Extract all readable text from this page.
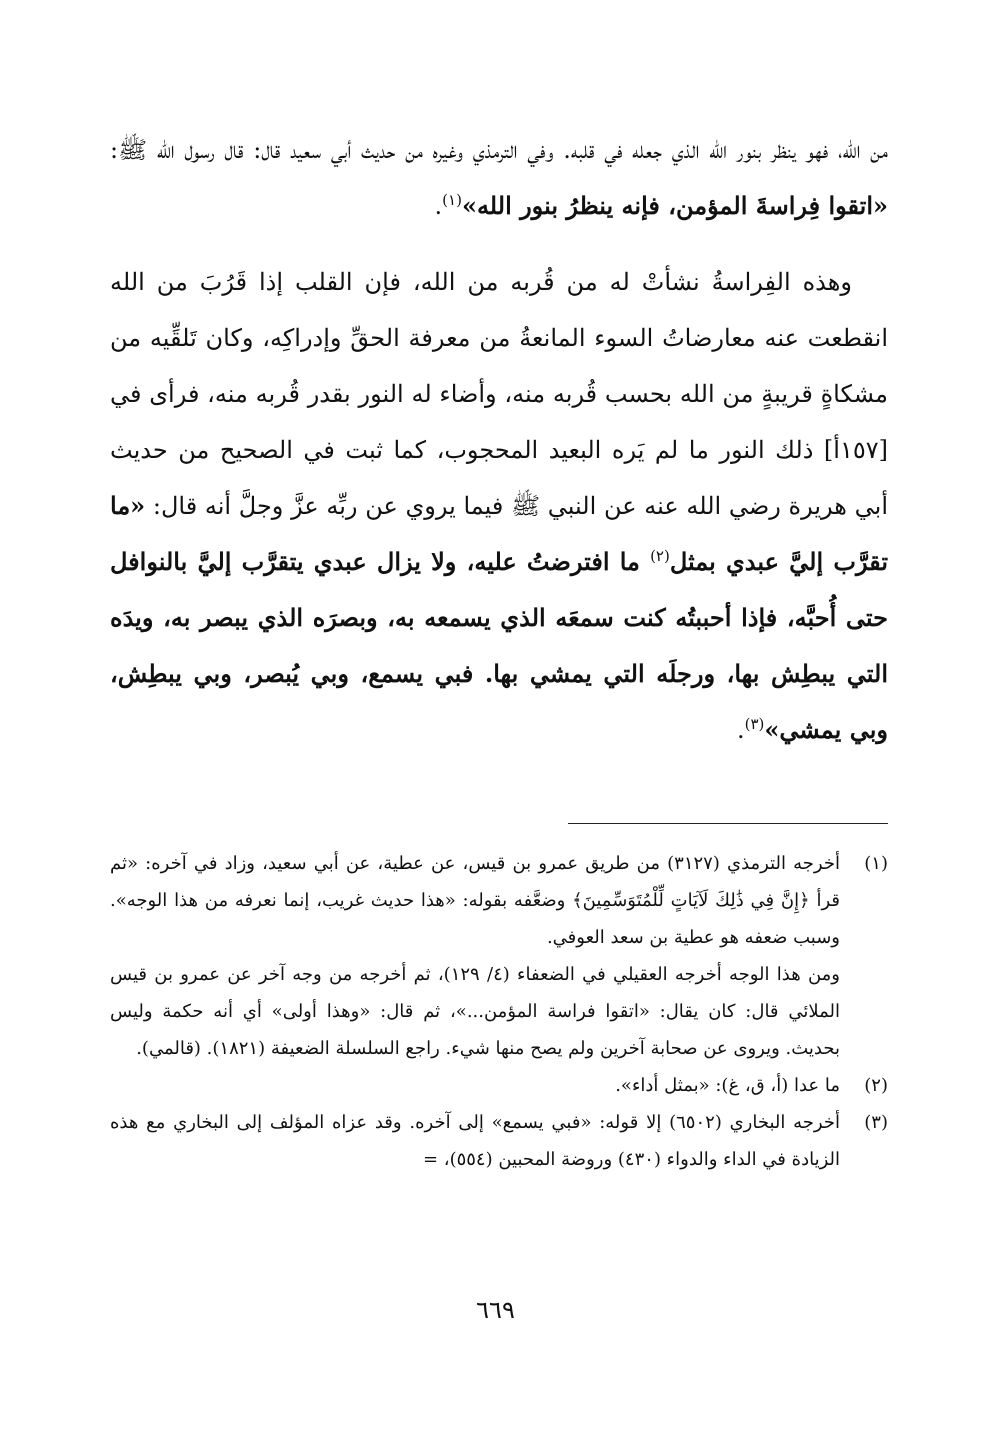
من الله، فهو ينظر بنور الله الذي جعله في قلبه. وفي الترمذي وغيره من حديث أبي سعيد قال: قال رسول الله ﷺ: «اتقوا فِراسةَ المؤمن، فإنه ينظرُ بنور الله»$^{(١)}$.

وهذه الفِراسةُ نشأتْ له من قُربه من الله، فإن القلب إذا قَرُبَ من الله انقطعت عنه معارضاتُ السوء المانعةُ من معرفة الحقِّ وإدراكِه، وكان تَلقِّيه من مشكاةٍ قريبةٍ من الله بحسب قُربه منه، وأضاء له النور بقدر قُربه منه، فرأى في [١٥٧أ] ذلك النور ما لم يَره البعيد المحجوب، كما ثبت في الصحيح من حديث أبي هريرة رضي الله عنه عن النبي ﷺ فيما يروي عن ربِّه عزَّ وجلَّ أنه قال: «ما تقرَّب إليَّ عبدي بمثل$^{(٢)}$ ما افترضتُ عليه، ولا يزال عبدي يتقرَّب إليَّ بالنوافل حتى أُحبَّه، فإذا أحببتُه كنت سمعَه الذي يسمعه به، وبصرَه الذي يبصر به، ويدَه التي يبطِش بها، ورجلَه التي يمشي بها. فبي يسمع، وبي يُبصر، وبي يبطِش، وبي يمشي»$^{(٣)}$.

(١)
أخرجه الترمذي (٣١٢٧) من طريق عمرو بن قيس، عن عطية، عن أبي سعيد، وزاد في آخره: «ثم قرأ ﴿إِنَّ فِي ذَٰلِكَ لَآيَاتٍ لِّلْمُتَوَسِّمِينَ﴾ وضعَّفه بقوله: «هذا حديث غريب، إنما نعرفه من هذا الوجه». وسبب ضعفه هو عطية بن سعد العوفي.
ومن هذا الوجه أخرجه العقيلي في الضعفاء (٤/ ١٢٩)، ثم أخرجه من وجه آخر عن عمرو بن قيس الملائي قال: كان يقال: «اتقوا فراسة المؤمن...»، ثم قال: «وهذا أولى» أي أنه حكمة وليس بحديث. ويروى عن صحابة آخرين ولم يصح منها شيء. راجع السلسلة الضعيفة (١٨٢١). (قالمي).
(٢)
ما عدا (أ، ق، غ): «بمثل أداء».
(٣)
أخرجه البخاري (٦٥٠٢) إلا قوله: «فبي يسمع» إلى آخره. وقد عزاه المؤلف إلى البخاري مع هذه الزيادة في الداء والدواء (٤٣٠) وروضة المحبين (٥٥٤)، =
٦٦٩
